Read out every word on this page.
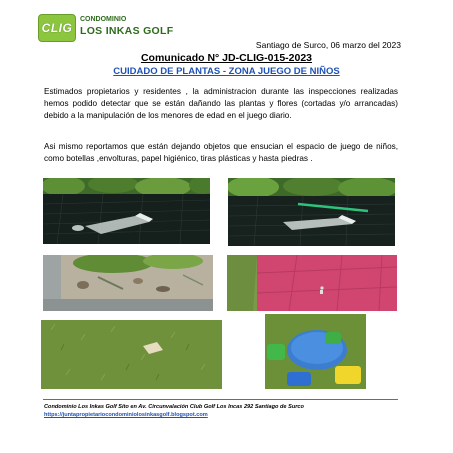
CLIG
CONDOMINIO
LOS INKAS GOLF
Santiago de Surco, 06 marzo del 2023
Comunicado N° JD-CLIG-015-2023
CUIDADO DE PLANTAS - ZONA JUEGO DE NIÑOS
Estimados propietarios y residentes , la administracion durante las inspecciones realizadas hemos podido detectar que se están dañando las plantas y flores (cortadas y/o arrancadas) debido a la manipulación de los menores de edad en el juego diario.
Asi mismo reportamos que están dejando objetos que ensucian el espacio de juego de niños, como botellas ,envolturas, papel higiénico, tiras plásticas y hasta piedras .
Condominio Los Inkas Golf Sito en Av. Circunvalación Club Golf Los Incas 292 Santiago de Surco
https://juntapropietariocondominiolosinkasgolf.blogspot.com
